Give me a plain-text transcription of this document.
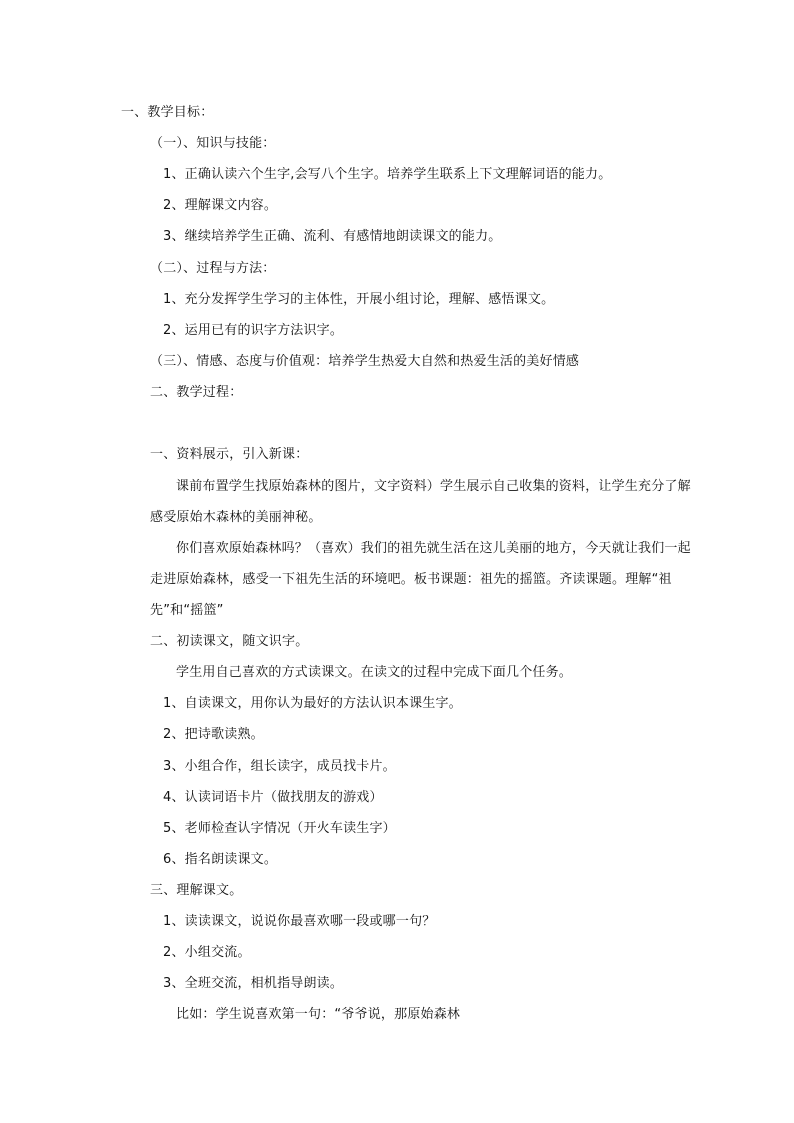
一、教学目标：
（一）、知识与技能：
1、正确认读六个生字,会写八个生字。培养学生联系上下文理解词语的能力。
2、理解课文内容。
3、继续培养学生正确、流利、有感情地朗读课文的能力。
（二）、过程与方法：
1、充分发挥学生学习的主体性，开展小组讨论，理解、感悟课文。
2、运用已有的识字方法识字。
（三）、情感、态度与价值观：培养学生热爱大自然和热爱生活的美好情感
二、教学过程：
一、资料展示，引入新课：
课前布置学生找原始森林的图片，文字资料）学生展示自己收集的资料，让学生充分了解感受原始木森林的美丽神秘。
你们喜欢原始森林吗？（喜欢）我们的祖先就生活在这儿美丽的地方，今天就让我们一起走进原始森林，感受一下祖先生活的环境吧。板书课题：祖先的摇篮。齐读课题。理解“祖先”和“摇篮”
二、初读课文，随文识字。
学生用自己喜欢的方式读课文。在读文的过程中完成下面几个任务。
1、自读课文，用你认为最好的方法认识本课生字。
2、把诗歌读熟。
3、小组合作，组长读字，成员找卡片。
4、认读词语卡片（做找朋友的游戏）
5、老师检查认字情况（开火车读生字）
6、指名朗读课文。
三、理解课文。
1、读读课文，说说你最喜欢哪一段或哪一句？
2、小组交流。
3、全班交流，相机指导朗读。
比如：学生说喜欢第一句：“爷爷说，那原始森林
